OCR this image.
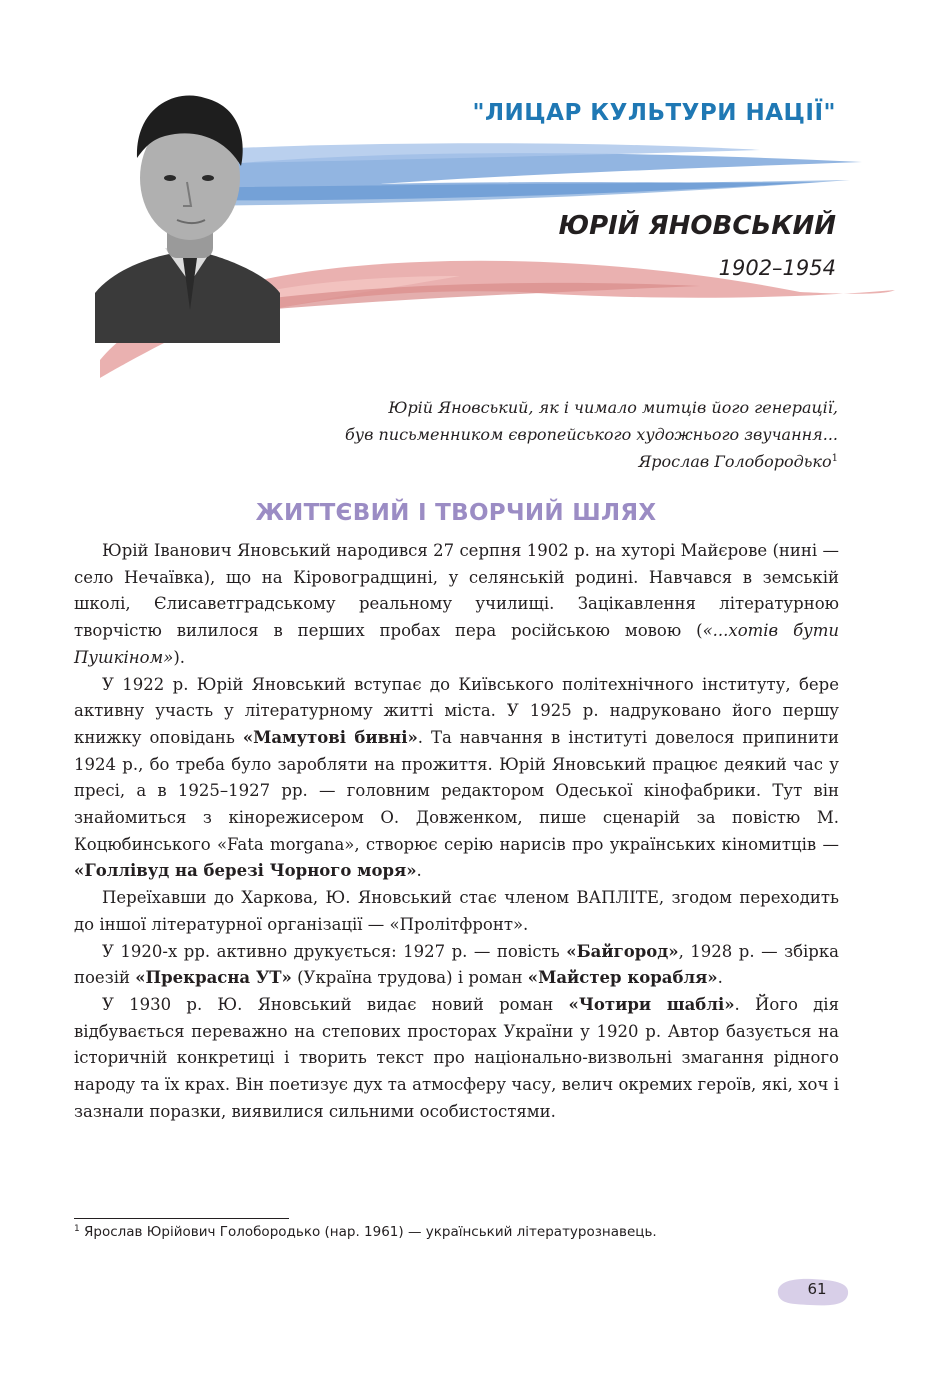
"ЛИЦАР КУЛЬТУРИ НАЦІЇ"
ЮРІЙ ЯНОВСЬКИЙ
1902–1954
Юрій Яновський, як і чимало митців його генерації,
був письменником європейського художнього звучання...
Ярослав Голобородько$^1$
ЖИТТЄВИЙ І ТВОРЧИЙ ШЛЯХ

Юрій Іванович Яновський народився 27 серпня 1902 р. на хуторі Майєрове (нині — село Нечаївка), що на Кіровоградщині, у селянській родині. Навчався в земській школі, Єлисаветградському реальному училищі. Зацікавлення літературною творчістю вилилося в перших пробах пера російською мовою («...хотів бути Пушкіном»).

У 1922 р. Юрій Яновський вступає до Київського політехнічного інституту, бере активну участь у літературному житті міста. У 1925 р. надруковано його першу книжку оповідань «Мамутові бивні». Та навчання в інституті довелося припинити 1924 р., бо треба було заробляти на прожиття. Юрій Яновський працює деякий час у пресі, а в 1925–1927 рр. — головним редактором Одеської кінофабрики. Тут він знайомиться з кінорежисером О. Довженком, пише сценарій за повістю М. Коцюбинського «Fata morgana», створює серію нарисів про українських кіномитців — «Голлівуд на березі Чорного моря».

Переїхавши до Харкова, Ю. Яновський стає членом ВАПЛІТЕ, згодом переходить до іншої літературної організації — «Пролітфронт».

У 1920-х рр. активно друкується: 1927 р. — повість «Байгород», 1928 р. — збірка поезій «Прекрасна УТ» (Україна трудова) і роман «Майстер корабля».

У 1930 р. Ю. Яновський видає новий роман «Чотири шаблі». Його дія відбувається переважно на степових просторах України у 1920 р. Автор базується на історичній конкретиці і творить текст про національно-визвольні змагання рідного народу та їх крах. Він поетизує дух та атмосферу часу, велич окремих героїв, які, хоч і зазнали поразки, виявилися сильними особистостями.

$^1$ Ярослав Юрійович Голобородько (нар. 1961) — український літературознавець.
61
